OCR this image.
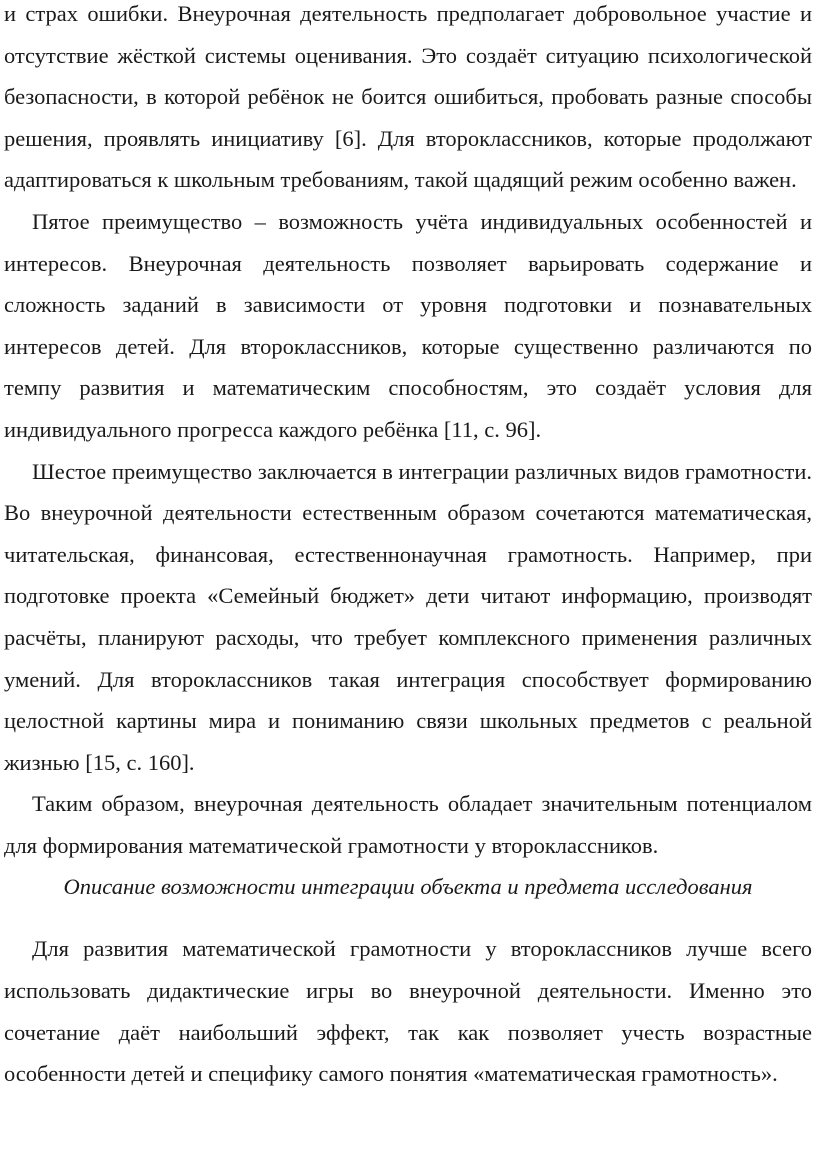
и страх ошибки. Внеурочная деятельность предполагает добровольное участие и отсутствие жёсткой системы оценивания. Это создаёт ситуацию психологической безопасности, в которой ребёнок не боится ошибиться, пробовать разные способы решения, проявлять инициативу [6]. Для второклассников, которые продолжают адаптироваться к школьным требованиям, такой щадящий режим особенно важен.

Пятое преимущество – возможность учёта индивидуальных особенностей и интересов. Внеурочная деятельность позволяет варьировать содержание и сложность заданий в зависимости от уровня подготовки и познавательных интересов детей. Для второклассников, которые существенно различаются по темпу развития и математическим способностям, это создаёт условия для индивидуального прогресса каждого ребёнка [11, с. 96].

Шестое преимущество заключается в интеграции различных видов грамотности. Во внеурочной деятельности естественным образом сочетаются математическая, читательская, финансовая, естественнонаучная грамотность. Например, при подготовке проекта «Семейный бюджет» дети читают информацию, производят расчёты, планируют расходы, что требует комплексного применения различных умений. Для второклассников такая интеграция способствует формированию целостной картины мира и пониманию связи школьных предметов с реальной жизнью [15, с. 160].

Таким образом, внеурочная деятельность обладает значительным потенциалом для формирования математической грамотности у второклассников.

Описание возможности интеграции объекта и предмета исследования

Для развития математической грамотности у второклассников лучше всего использовать дидактические игры во внеурочной деятельности. Именно это сочетание даёт наибольший эффект, так как позволяет учесть возрастные особенности детей и специфику самого понятия «математическая грамотность».
